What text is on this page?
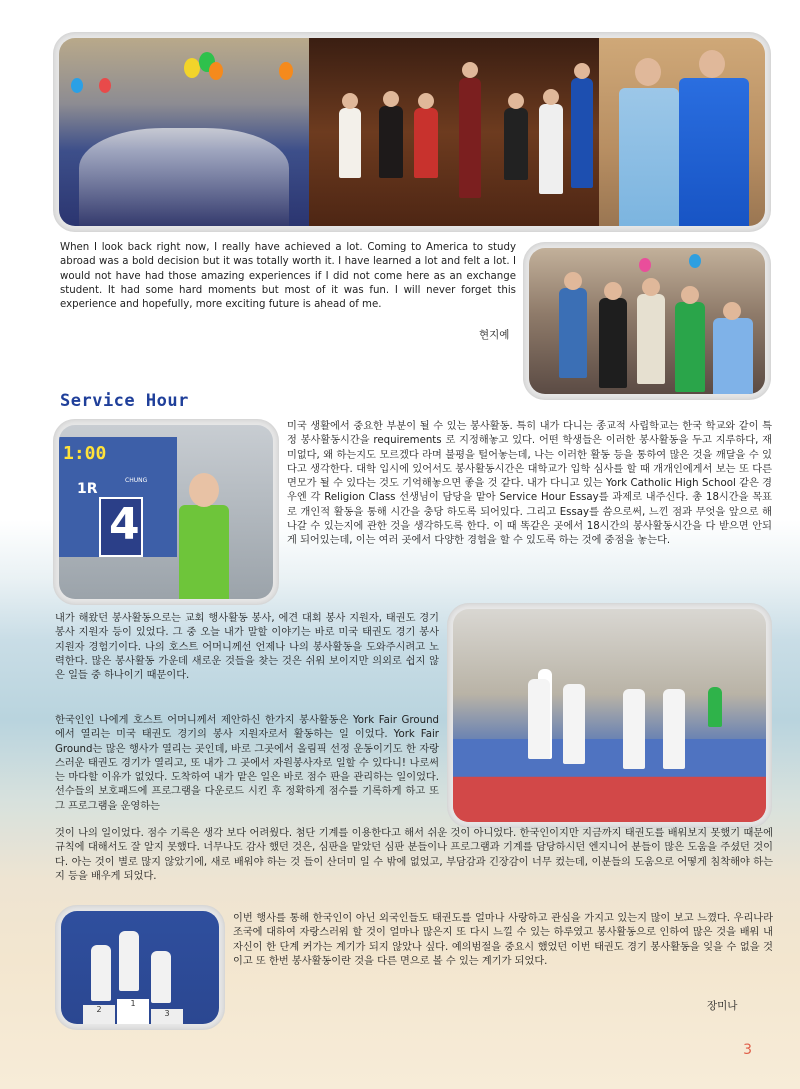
When I look back right now, I really have achieved a lot. Coming to America to study abroad was a bold decision but it was totally worth it. I have learned a lot and felt a lot. I would not have had those amazing experiences if I did not come here as an exchange student. It had some hard moments but most of it was fun. I will never forget this experience and hopefully, more exciting future is ahead of me.

현지예
Service Hour
1:00
1R
CHUNG
4

미국 생활에서 중요한 부분이 될 수 있는 봉사활동. 특히 내가 다니는 종교적 사립학교는 한국 학교와 같이 특정 봉사활동시간을 requirements 로 지정해놓고 있다. 어떤 학생들은 이러한 봉사활동을 두고 지루하다, 재미없다, 왜 하는지도 모르겠다 라며 불평을 털어놓는데, 나는 이러한 활동 등을 통하여 많은 것을 깨달을 수 있다고 생각한다. 대학 입시에 있어서도 봉사활동시간은 대학교가 입학 심사를 할 때 개개인에게서 보는 또 다른 면모가 될 수 있다는 것도 기억해놓으면 좋을 것 같다. 내가 다니고 있는 York Catholic High School 같은 경우엔 각 Religion Class 선생님이 담당을 맡아 Service Hour Essay를 과제로 내주신다. 총 18시간을 목표로 개인적 활동을 통해 시간을 충당 하도록 되어있다. 그리고 Essay를 씀으로써, 느낀 점과 무엇을 앞으로 해나갈 수 있는지에 관한 것을 생각하도록 한다. 이 때 똑같은 곳에서 18시간의 봉사활동시간을 다 받으면 안되게 되어있는데, 이는 여러 곳에서 다양한 경험을 할 수 있도록 하는 것에 중점을 놓는다.

내가 해왔던 봉사활동으로는 교회 행사활동 봉사, 에견 대회 봉사 지원자, 태권도 경기 봉사 지원자 등이 있었다. 그 중 오늘 내가 말할 이야기는 바로 미국 태권도 경기 봉사 지원자 경험기이다. 나의 호스트 어머니께선 언제나 나의 봉사활동을 도와주시려고 노력한다. 많은 봉사활동 가운데 새로운 것들을 찾는 것은 쉬워 보이지만 의외로 쉽지 않은 일들 중 하나이기 때문이다.

한국인인 나에게 호스트 어머니께서 제안하신 한가지 봉사활동은 York Fair Ground 에서 열리는 미국 태권도 경기의 봉사 지원자로서 활동하는 일 이었다. York Fair Ground는 많은 행사가 열리는 곳인데, 바로 그곳에서 올림픽 선정 운동이기도 한 자랑스러운 태권도 경기가 열리고, 또 내가 그 곳에서 자원봉사자로 일할 수 있다니! 나로써는 마다할 이유가 없었다. 도착하여 내가 맡은 일은 바로 점수 판을 관리하는 일이었다. 선수들의 보호패드에 프로그램을 다운로드 시킨 후 정확하게 점수를 기록하게 하고 또 그 프로그램을 운영하는

것이 나의 일이었다. 점수 기록은 생각 보다 어려웠다. 첨단 기계를 이용한다고 해서 쉬운 것이 아니었다. 한국인이지만 지금까지 태권도를 배워보지 못했기 때문에 규칙에 대해서도 잘 알지 못했다. 너무나도 감사 했던 것은, 심판을 맡았던 심판 분들이나 프로그램과 기계를 담당하시던 엔지니어 분들이 많은 도움을 주셨던 것이다. 아는 것이 별로 많지 않았기에, 새로 배워야 하는 것 들이 산더미 일 수 밖에 없었고, 부담감과 긴장감이 너무 컸는데, 이분들의 도움으로 어떻게 침착해야 하는지 등을 배우게 되었다.

2
1
3

이번 행사를 통해 한국인이 아닌 외국인들도 태권도를 얼마나 사랑하고 관심을 가지고 있는지 많이 보고 느꼈다. 우리나라 조국에 대하여 자랑스러워 할 것이 얼마나 많은지 또 다시 느낄 수 있는 하루였고 봉사활동으로 인하여 많은 것을 배워 내 자신이 한 단계 커가는 계기가 되지 않았나 싶다. 예의범절을 중요시 했었던 이번 태권도 경기 봉사활동을 잊을 수 없을 것이고 또 한번 봉사활동이란 것을 다른 면으로 볼 수 있는 계기가 되었다.

장미나
3
